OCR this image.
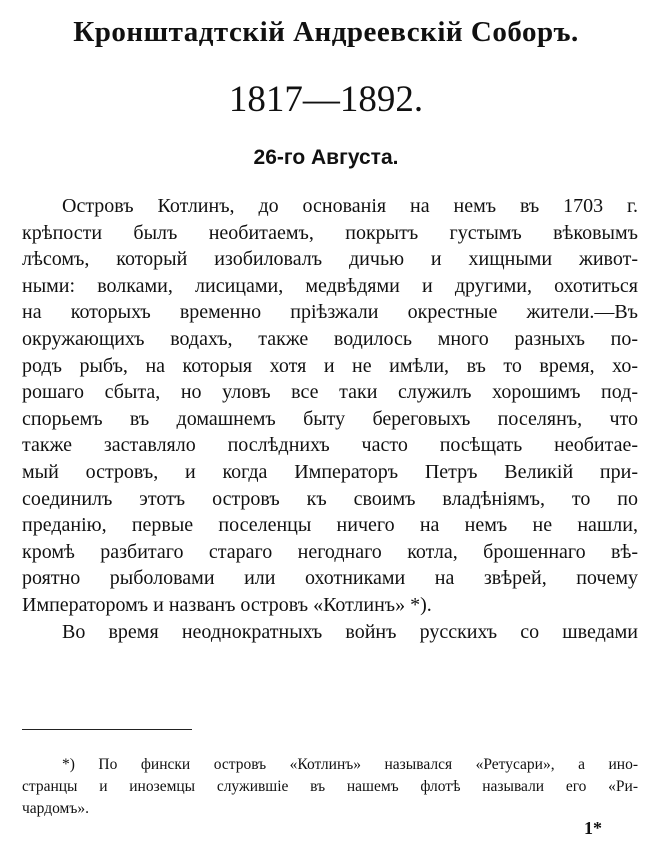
Кронштадтскій Андреевскій Соборъ.
1817—1892.
26-го Августа.
Островъ Котлинъ, до основанія на немъ въ 1703 г.
крѣпости былъ необитаемъ, покрытъ густымъ вѣковымъ
лѣсомъ, который изобиловалъ дичью и хищными живот-
ными: волками, лисицами, медвѣдями и другими, охотиться
на которыхъ временно пріѣзжали окрестные жители.—Въ
окружающихъ водахъ, также водилось много разныхъ по-
родъ рыбъ, на которыя хотя и не имѣли, въ то время, хо-
рошаго сбыта, но уловъ все таки служилъ хорошимъ под-
спорьемъ въ домашнемъ быту береговыхъ поселянъ, что
также заставляло послѣднихъ часто посѣщать необитае-
мый островъ, и когда Императоръ Петръ Великій при-
соединилъ этотъ островъ къ своимъ владѣніямъ, то по
преданію, первые поселенцы ничего на немъ не нашли,
кромѣ разбитаго стараго негоднаго котла, брошеннаго вѣ-
роятно рыболовами или охотниками на звѣрей, почему
Императоромъ и названъ островъ «Котлинъ» *).
Во время неоднократныхъ войнъ русскихъ со шведами
*) По фински островъ «Котлинъ» назывался «Ретусари», а ино-
странцы и иноземцы служившіе въ нашемъ флотѣ называли его «Ри-
чардомъ».
1*
